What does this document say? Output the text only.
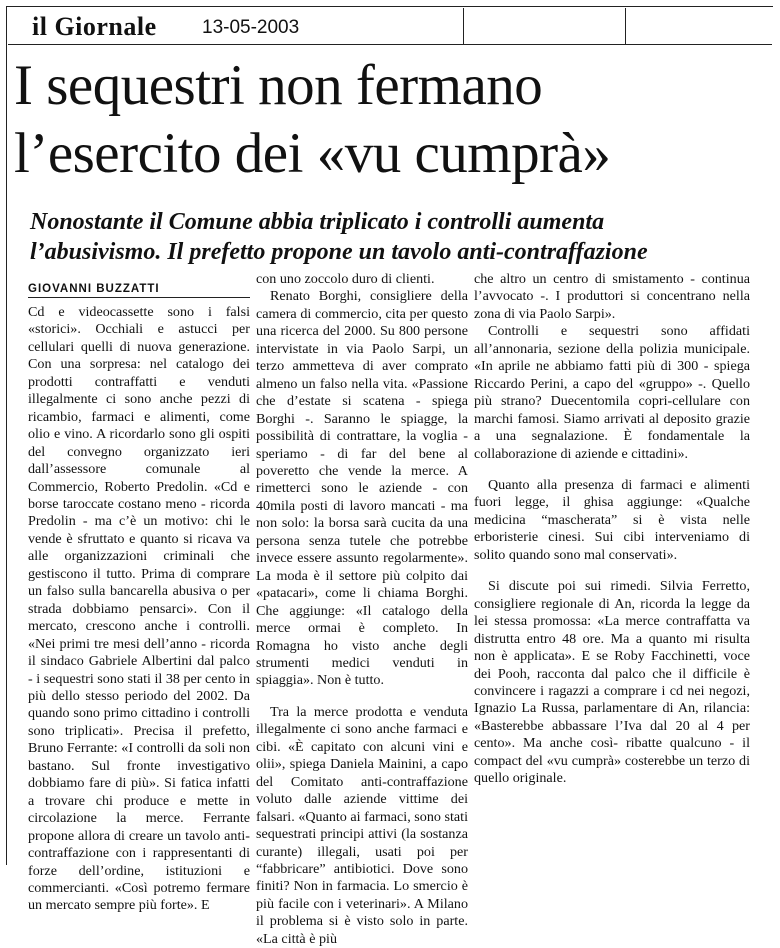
il Giornale 13-05-2003
I sequestri non fermano
l’esercito dei «vu cumprà»
Nonostante il Comune abbia triplicato i controlli aumenta
l’abusivismo. Il prefetto propone un tavolo anti-contraffazione
GIOVANNI BUZZATTI

Cd e videocassette sono i falsi «storici». Occhiali e astucci per cellulari quelli di nuova generazione. Con una sorpresa: nel catalogo dei prodotti contraffatti e venduti illegalmente ci sono anche pezzi di ricambio, farmaci e alimenti, come olio e vino. A ricordarlo sono gli ospiti del convegno organizzato ieri dall’assessore comunale al Commercio, Roberto Predolin. «Cd e borse taroccate costano meno - ricorda Predolin - ma c’è un motivo: chi le vende è sfruttato e quanto si ricava va alle organizzazioni criminali che gestiscono il tutto. Prima di comprare un falso sulla bancarella abusiva o per strada dobbiamo pensarci». Con il mercato, crescono anche i controlli. «Nei primi tre mesi dell’anno - ricorda il sindaco Gabriele Albertini dal palco - i sequestri sono stati il 38 per cento in più dello stesso periodo del 2002. Da quando sono primo cittadino i controlli sono triplicati». Precisa il prefetto, Bruno Ferrante: «I controlli da soli non bastano. Sul fronte investigativo dobbiamo fare di più». Si fatica infatti a trovare chi produce e mette in circolazione la merce. Ferrante propone allora di creare un tavolo anti-contraffazione con i rappresentanti di forze dell’ordine, istituzioni e commercianti. «Così potremo fermare un mercato sempre più forte». E

con uno zoccolo duro di clienti.

Renato Borghi, consigliere della camera di commercio, cita per questo una ricerca del 2000. Su 800 persone intervistate in via Paolo Sarpi, un terzo ammetteva di aver comprato almeno un falso nella vita. «Passione che d’estate si scatena - spiega Borghi -. Saranno le spiagge, la possibilità di contrattare, la voglia - speriamo - di far del bene al poveretto che vende la merce. A rimetterci sono le aziende - con 40mila posti di lavoro mancati - ma non solo: la borsa sarà cucita da una persona senza tutele che potrebbe invece essere assunto regolarmente». La moda è il settore più colpito dai «patacari», come li chiama Borghi. Che aggiunge: «Il catalogo della merce ormai è completo. In Romagna ho visto anche degli strumenti medici venduti in spiaggia». Non è tutto.

Tra la merce prodotta e venduta illegalmente ci sono anche farmaci e cibi. «È capitato con alcuni vini e olii», spiega Daniela Mainini, a capo del Comitato anti-contraffazione voluto dalle aziende vittime dei falsari. «Quanto ai farmaci, sono stati sequestrati principi attivi (la sostanza curante) illegali, usati poi per “fabbricare” antibiotici. Dove sono finiti? Non in farmacia. Lo smercio è più facile con i veterinari». A Milano il problema si è visto solo in parte. «La città è più

che altro un centro di smistamento - continua l’avvocato -. I produttori si concentrano nella zona di via Paolo Sarpi».

Controlli e sequestri sono affidati all’annonaria, sezione della polizia municipale. «In aprile ne abbiamo fatti più di 300 - spiega Riccardo Perini, a capo del «gruppo» -. Quello più strano? Duecentomila copri-cellulare con marchi famosi. Siamo arrivati al deposito grazie a una segnalazione. È fondamentale la collaborazione di aziende e cittadini».

Quanto alla presenza di farmaci e alimenti fuori legge, il ghisa aggiunge: «Qualche medicina “mascherata” si è vista nelle erboristerie cinesi. Sui cibi interveniamo di solito quando sono mal conservati».

Si discute poi sui rimedi. Silvia Ferretto, consigliere regionale di An, ricorda la legge da lei stessa promossa: «La merce contraffatta va distrutta entro 48 ore. Ma a quanto mi risulta non è applicata». E se Roby Facchinetti, voce dei Pooh, racconta dal palco che il difficile è convincere i ragazzi a comprare i cd nei negozi, Ignazio La Russa, parlamentare di An, rilancia: «Basterebbe abbassare l’Iva dal 20 al 4 per cento». Ma anche così- ribatte qualcuno - il compact del «vu cumprà» costerebbe un terzo di quello originale.
